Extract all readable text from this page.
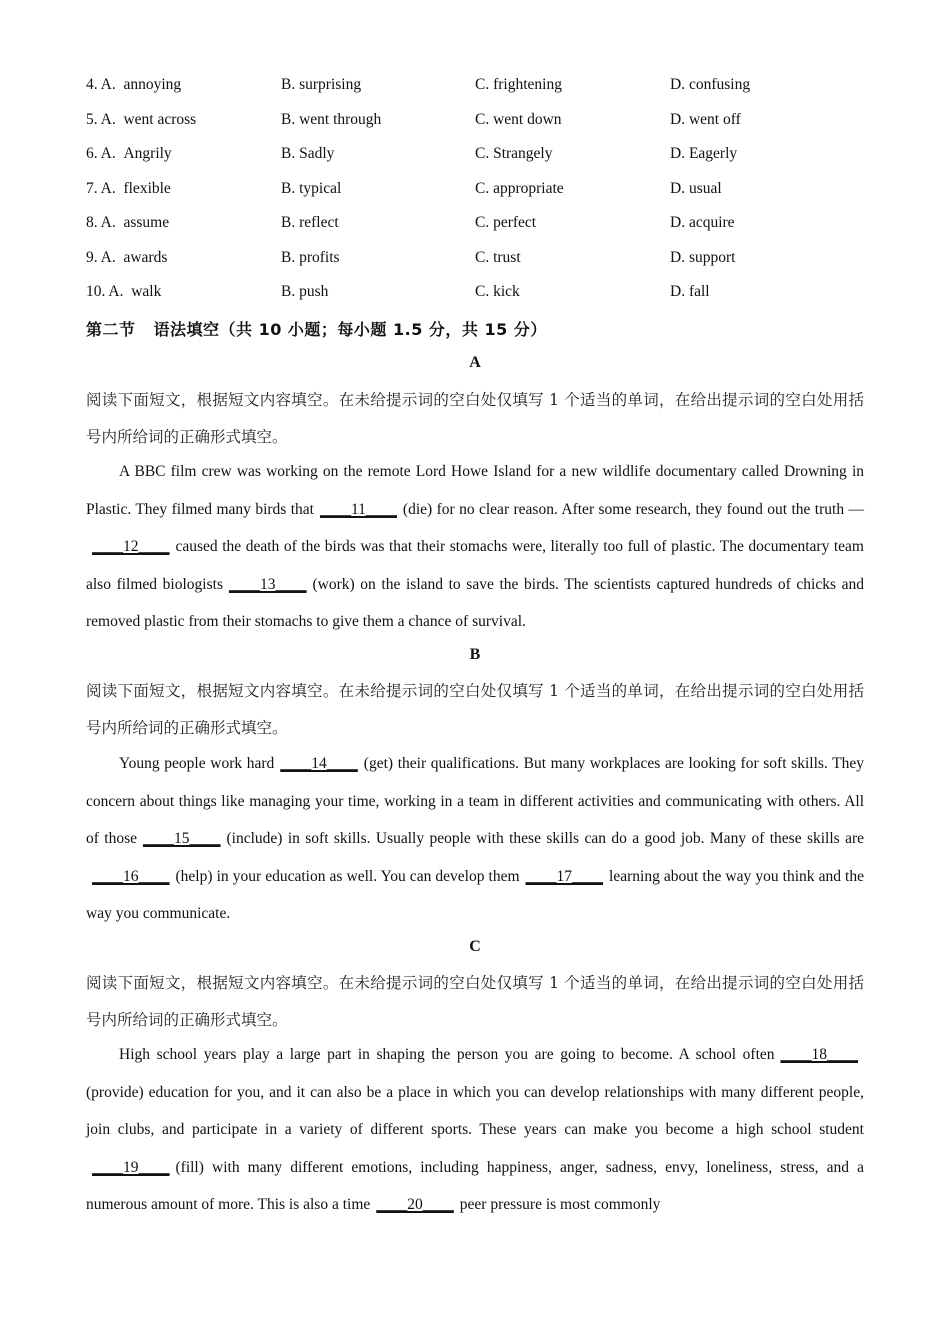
4. A. annoying	B. surprising	C. frightening	D. confusing
5. A. went across	B. went through	C. went down	D. went off
6. A. Angrily	B. Sadly	C. Strangely	D. Eagerly
7. A. flexible	B. typical	C. appropriate	D. usual
8. A. assume	B. reflect	C. perfect	D. acquire
9. A. awards	B. profits	C. trust	D. support
10. A. walk	B. push	C. kick	D. fall
第二节 语法填空（共 10 小题；每小题 1.5 分，共 15 分）
A
阅读下面短文，根据短文内容填空。在未给提示词的空白处仅填写 1 个适当的单词，在给出提示词的空白处用括号内所给词的正确形式填空。
A BBC film crew was working on the remote Lord Howe Island for a new wildlife documentary called Drowning in Plastic. They filmed many birds that ____11____ (die) for no clear reason. After some research, they found out the truth —____12____ caused the death of the birds was that their stomachs were, literally too full of plastic. The documentary team also filmed biologists ____13____ (work) on the island to save the birds. The scientists captured hundreds of chicks and removed plastic from their stomachs to give them a chance of survival.
B
阅读下面短文，根据短文内容填空。在未给提示词的空白处仅填写 1 个适当的单词，在给出提示词的空白处用括号内所给词的正确形式填空。
Young people work hard ____14____ (get) their qualifications. But many workplaces are looking for soft skills. They concern about things like managing your time, working in a team in different activities and communicating with others. All of those ____15____ (include) in soft skills. Usually people with these skills can do a good job. Many of these skills are____16____ (help) in your education as well. You can develop them ____17____ learning about the way you think and the way you communicate.
C
阅读下面短文，根据短文内容填空。在未给提示词的空白处仅填写 1 个适当的单词，在给出提示词的空白处用括号内所给词的正确形式填空。
High school years play a large part in shaping the person you are going to become. A school often ____18____(provide) education for you, and it can also be a place in which you can develop relationships with many different people, join clubs, and participate in a variety of different sports. These years can make you become a high school student____19____ (fill) with many different emotions, including happiness, anger, sadness, envy, loneliness, stress, and a numerous amount of more. This is also a time ____20____ peer pressure is most commonly
